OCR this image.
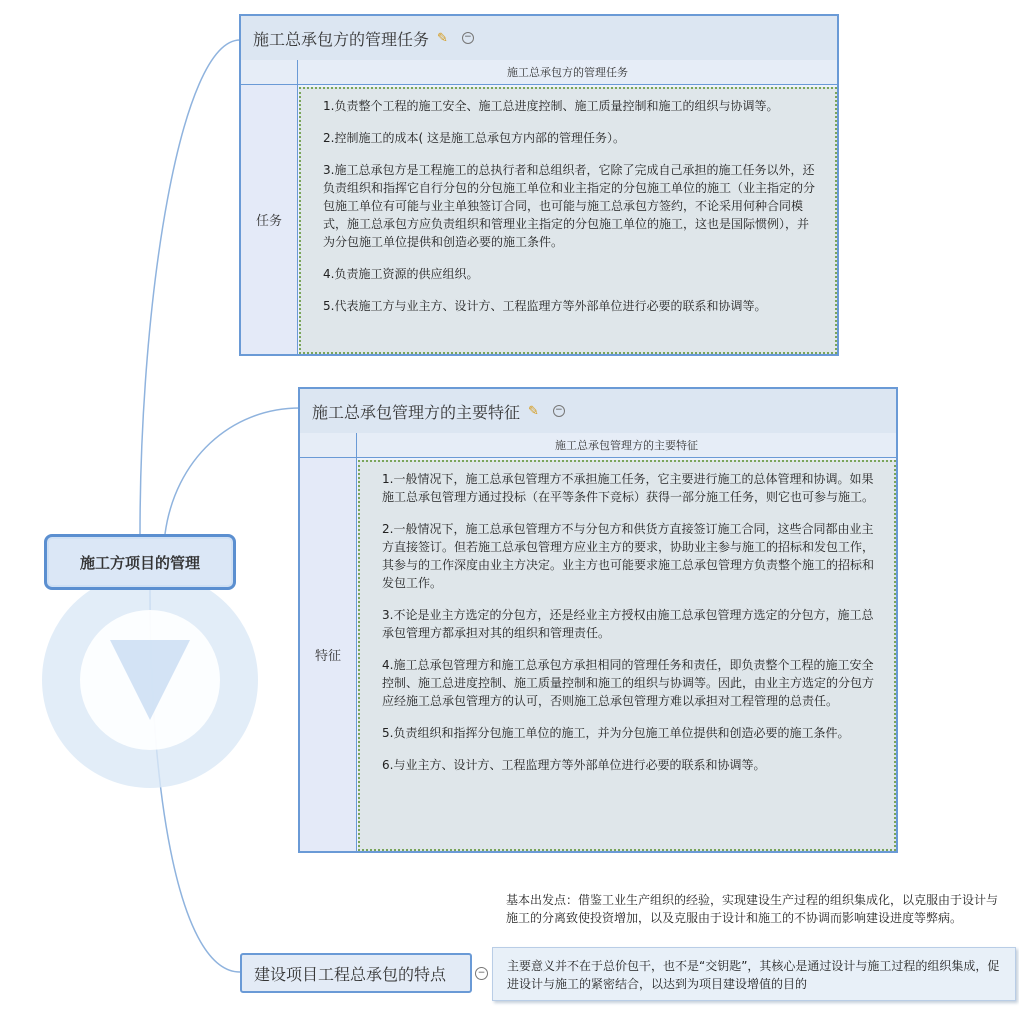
施工方项目的管理
施工总承包方的管理任务 ✎ −
施工总承包方的管理任务
任务

1.负责整个工程的施工安全、施工总进度控制、施工质量控制和施工的组织与协调等。

2.控制施工的成本( 这是施工总承包方内部的管理任务）。

3.施工总承包方是工程施工的总执行者和总组织者，它除了完成自己承担的施工任务以外，还负责组织和指挥它自行分包的分包施工单位和业主指定的分包施工单位的施工（业主指定的分包施工单位有可能与业主单独签订合同，也可能与施工总承包方签约，不论采用何种合同模式，施工总承包方应负责组织和管理业主指定的分包施工单位的施工，这也是国际惯例），并为分包施工单位提供和创造必要的施工条件。

4.负责施工资源的供应组织。

5.代表施工方与业主方、设计方、工程监理方等外部单位进行必要的联系和协调等。

施工总承包管理方的主要特征 ✎ −
施工总承包管理方的主要特征
特征

1.一般情况下，施工总承包管理方不承担施工任务，它主要进行施工的总体管理和协调。如果施工总承包管理方通过投标（在平等条件下竞标）获得一部分施工任务，则它也可参与施工。

2.一般情况下，施工总承包管理方不与分包方和供货方直接签订施工合同，这些合同都由业主方直接签订。但若施工总承包管理方应业主方的要求，协助业主参与施工的招标和发包工作，其参与的工作深度由业主方决定。业主方也可能要求施工总承包管理方负责整个施工的招标和发包工作。

3.不论是业主方选定的分包方，还是经业主方授权由施工总承包管理方选定的分包方，施工总承包管理方都承担对其的组织和管理责任。

4.施工总承包管理方和施工总承包方承担相同的管理任务和责任，即负责整个工程的施工安全控制、施工总进度控制、施工质量控制和施工的组织与协调等。因此，由业主方选定的分包方应经施工总承包管理方的认可，否则施工总承包管理方难以承担对工程管理的总责任。

5.负责组织和指挥分包施工单位的施工，并为分包施工单位提供和创造必要的施工条件。

6.与业主方、设计方、工程监理方等外部单位进行必要的联系和协调等。

建设项目工程总承包的特点	−
基本出发点：借鉴工业生产组织的经验，实现建设生产过程的组织集成化，以克服由于设计与施工的分离致使投资增加，以及克服由于设计和施工的不协调而影响建设进度等弊病。
主要意义并不在于总价包干，也不是“交钥匙”，其核心是通过设计与施工过程的组织集成，促进设计与施工的紧密结合，以达到为项目建设增值的目的
